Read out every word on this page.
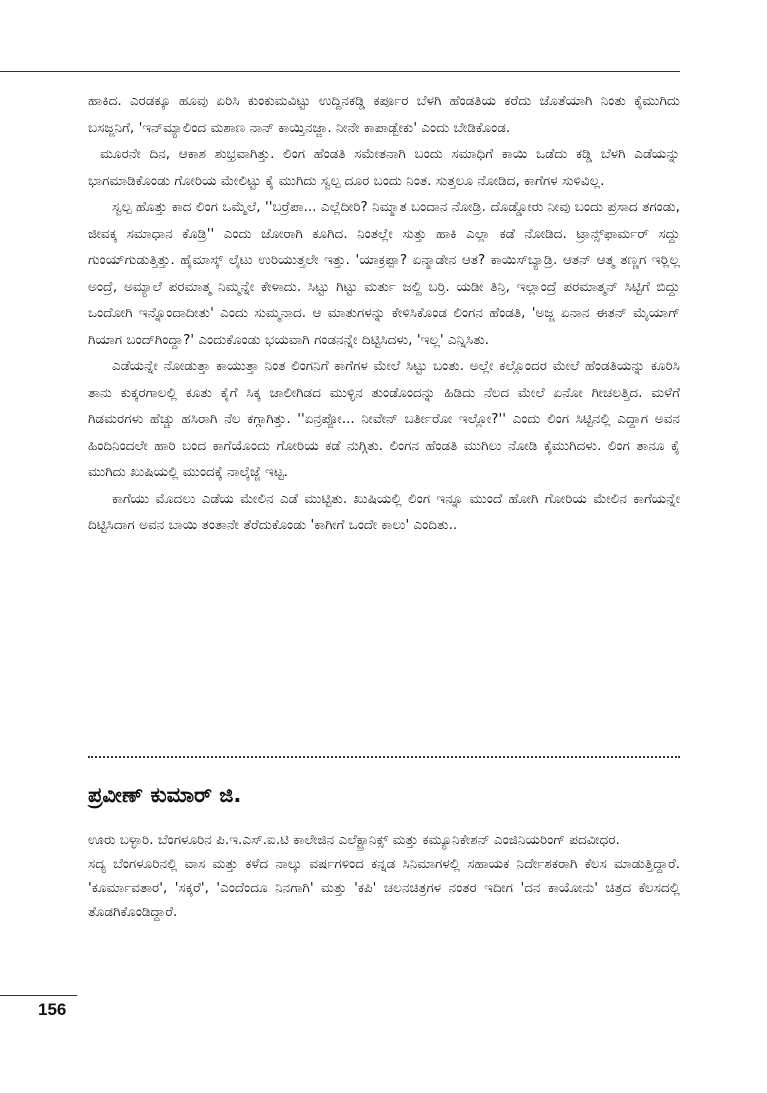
ಹಾಕಿದ. ಎರಡಕ್ಕೂ ಹೂವು ಏರಿಸಿ ಕುಂಕುಮವಿಟ್ಟು ಉದ್ದಿನಕಡ್ಡಿ ಕರ್ಪೂರ ಬೆಳಗಿ ಹೆಂಡತಿಯ ಕರೆದು ಜೊತೆಯಾಗಿ ನಿಂತು ಕೈಮುಗಿದು ಬಸಜ್ಜನಿಗೆ, 'ಇನ್‌ಮ್ಯಾಲಿಂದ ಮಶಾಣ ನಾನ್ ಕಾಯ್ತಿನಜ್ಜಾ. ನೀನೇ ಕಾಪಾಡ್ಬೇಕು' ಎಂದು ಬೇಡಿಕೊಂಡ.

ಮೂರನೇ ದಿನ, ಆಕಾಶ ಶುಭ್ರವಾಗಿತ್ತು. ಲಿಂಗ ಹೆಂಡತಿ ಸಮೇತನಾಗಿ ಬಂದು ಸಮಾಧಿಗೆ ಕಾಯಿ ಒಡೆದು ಕಡ್ಡಿ ಬೆಳಗಿ ಎಡೆಯನ್ನು ಭಾಗಮಾಡಿಕೊಂಡು ಗೋರಿಯ ಮೇಲಿಟ್ಟು ಕೈ ಮುಗಿದು ಸ್ವಲ್ಪ ದೂರ ಬಂದು ನಿಂತ. ಸುತ್ತಲೂ ನೋಡಿದ, ಕಾಗೆಗಳ ಸುಳಿವಿಲ್ಲ.

ಸ್ವಲ್ಪ ಹೊತ್ತು ಕಾದ ಲಿಂಗ ಒಮ್ಮೆಲೆ, ''ಬರ್ರೆಪಾ... ಎಲ್ಲೆದೀರಿ? ನಿಮ್ಮಾತ ಬಂದಾನ ನೋಡ್ರಿ. ದೊಡ್ಡೋರು ನೀವು ಬಂದು ಪ್ರಸಾದ ತಗಂಡು, ಜೀವಕ್ಕ ಸಮಾಧಾನ ಕೊಡ್ರಿ'' ಎಂದು ಜೋರಾಗಿ ಕೂಗಿದ. ನಿಂತಲ್ಲೇ ಸುತ್ತು ಹಾಕಿ ಎಲ್ಲಾ ಕಡೆ ನೋಡಿದ. ಟ್ರಾನ್ಸ್‌ಫಾರ್ಮರ್ ಸದ್ದು ಗುಂಯ್‌ಗುಡುತ್ತಿತ್ತು. ಹೈಮಾಸ್ಕ್ ಲೈಟು ಉರಿಯುತ್ತಲೇ ಇತ್ತು. 'ಯಾಕ್ರಪ್ಪಾ? ಏನ್ಮಾಡೇನ ಆತ? ಕಾಯಿಸ್‌ಬ್ಯಾಡ್ರಿ. ಆತನ್ ಆತ್ಮ ತಣ್ಣಗ ಇರ್‍ಲಿಲ್ಲ ಅಂದ್ರೆ, ಅಮ್ಯಾಲೆ ಪರಮಾತ್ಮ ನಿಮ್ಮನ್ನೇ ಕೇಳಾದು. ಸಿಟ್ಟು ಗಿಟ್ಟು ಮರ್ತು ಜಲ್ದಿ ಬರ್ರಿ. ಯಡೀ ತಿನ್ರಿ, ಇಲ್ಲಾಂದ್ರೆ ಪರಮಾತ್ಮನ್ ಸಿಟ್ಟಿಗೆ ಬಿದ್ದು ಒಂದೋಗಿ ಇನ್ನೊಂದಾದೀತು' ಎಂದು ಸುಮ್ಮನಾದ. ಆ ಮಾತುಗಳನ್ನು ಕೇಳಿಸಿಕೊಂಡ ಲಿಂಗನ ಹೆಂಡತಿ, 'ಅಜ್ಜ ಏನಾನ ಈತನ್ ಮೈಯಾಗ್ ಗಿಯಾಗ ಬಂದ್‌ಗಿಂದ್ದಾ?' ಎಂದುಕೊಂಡು ಭಯವಾಗಿ ಗಂಡನನ್ನೇ ದಿಟ್ಟಿಸಿದಳು, 'ಇಲ್ಲ' ಎನ್ನಿಸಿತು.

ಎಡೆಯನ್ನೇ ನೋಡುತ್ತಾ ಕಾಯುತ್ತಾ ನಿಂತ ಲಿಂಗನಿಗೆ ಕಾಗೆಗಳ ಮೇಲೆ ಸಿಟ್ಟು ಬಂತು. ಅಲ್ಲೇ ಕಲ್ಲೊಂದರ ಮೇಲೆ ಹೆಂಡತಿಯನ್ನು ಕೂರಿಸಿ ತಾನು ಕುಕ್ಕರಗಾಲಲ್ಲಿ ಕೂತು ಕೈಗೆ ಸಿಕ್ಕ ಜಾಲೀಗಿಡದ ಮುಳ್ಳಿನ ತುಂಡೊಂದನ್ನು ಹಿಡಿದು ನೆಲದ ಮೇಲೆ ಏನೋ ಗೀಚಲತ್ತಿದ. ಮಳೆಗೆ ಗಿಡಮರಗಳು ಹೆಚ್ಚು ಹಸಿರಾಗಿ ನೆಲ ಕಗ್ಗಾಗಿತ್ತು. ''ಏನ್ರಪ್ಪೋ... ನೀವೇನ್ ಬರ್ತೀರೋ ಇಲ್ಲೋ?'' ಎಂದು ಲಿಂಗ ಸಿಟ್ಟಿನಲ್ಲಿ ಎದ್ದಾಗ ಅವನ ಹಿಂದಿನಿಂದಲೇ ಹಾರಿ ಬಂದ ಕಾಗೆಯೊಂದು ಗೋರಿಯ ಕಡೆ ನುಗ್ಗಿತು. ಲಿಂಗನ ಹೆಂಡತಿ ಮುಗಿಲು ನೋಡಿ ಕೈಮುಗಿದಳು. ಲಿಂಗ ತಾನೂ ಕೈ ಮುಗಿದು ಖುಷಿಯಲ್ಲಿ ಮುಂದಕ್ಕೆ ನಾಲ್ಕೆಜ್ಜೆ ಇಟ್ಟ.

ಕಾಗೆಯು ಮೊದಲು ಎಡೆಯ ಮೇಲಿನ ಎಡೆ ಮುಟ್ಟಿತು. ಖುಷಿಯಲ್ಲಿ ಲಿಂಗ ಇನ್ನೂ ಮುಂದೆ ಹೋಗಿ ಗೋರಿಯ ಮೇಲಿನ ಕಾಗೆಯನ್ನೇ ದಿಟ್ಟಿಸಿದಾಗ ಅವನ ಬಾಯಿ ತಂತಾನೇ ತೆರೆದುಕೊಂಡು 'ಕಾಗೀಗೆ ಒಂದೇ ಕಾಲು' ಎಂದಿತು..

ಪ್ರವೀಣ್ ಕುಮಾರ್ ಜಿ.

ಊರು ಬಳ್ಳಾರಿ. ಬೆಂಗಳೂರಿನ ಪಿ.ಇ.ಎಸ್.ಐ.ಟಿ ಕಾಲೇಜಿನ ಎಲೆಕ್ಟ್ರಾನಿಕ್ಸ್ ಮತ್ತು ಕಮ್ಯೂನಿಕೇಶನ್ ಎಂಜಿನಿಯರಿಂಗ್ ಪದವೀಧರ.

ಸದ್ಯ ಬೆಂಗಳೂರಿನಲ್ಲಿ ವಾಸ ಮತ್ತು ಕಳೆದ ನಾಲ್ಕು ವರ್ಷಗಳಿಂದ ಕನ್ನಡ ಸಿನಿಮಾಗಳಲ್ಲಿ ಸಹಾಯಕ ನಿರ್ದೇಶಕರಾಗಿ ಕೆಲಸ ಮಾಡುತ್ತಿದ್ದಾರೆ. 'ಕೂರ್ಮಾವತಾರ', 'ಸಕ್ಕರೆ', 'ಎಂದೆಂದೂ ನಿನಗಾಗಿ' ಮತ್ತು 'ಕಪಿ' ಚಲನಚಿತ್ರಗಳ ನಂತರ ಇದೀಗ 'ದನ ಕಾಯೋನು' ಚಿತ್ರದ ಕೆಲಸದಲ್ಲಿ ತೊಡಗಿಕೊಂಡಿದ್ದಾರೆ.

156
